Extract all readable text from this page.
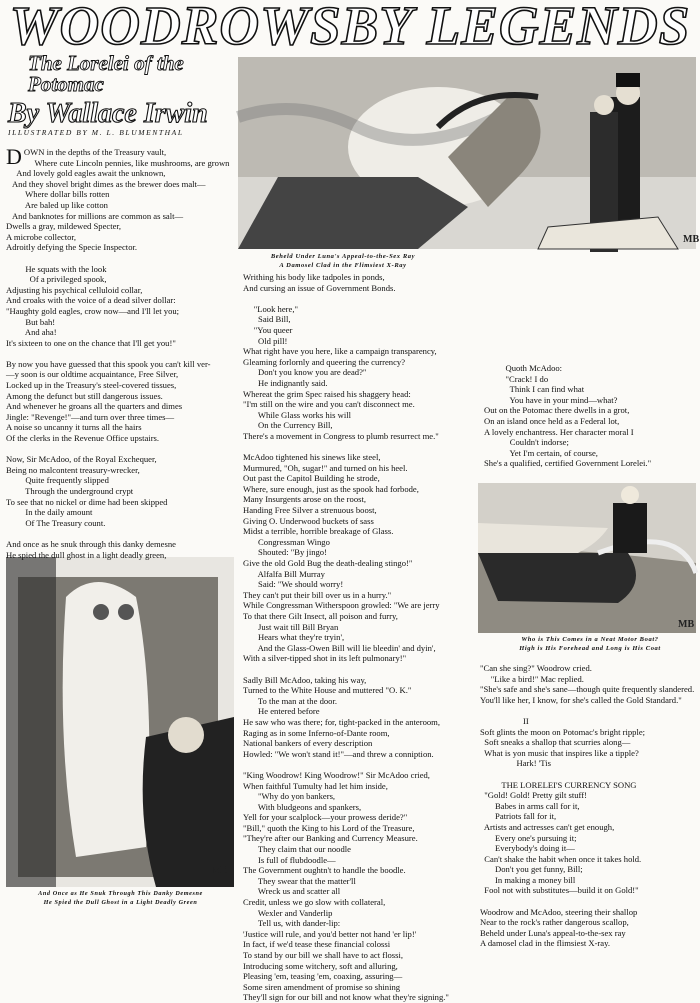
WOODROWSBY LEGENDS
The Lorelei of the Potomac
By Wallace Irwin
ILLUSTRATED BY M. L. BLUMENTHAL
MB
Beheld Under Luna's Appeal-to-the-Sex Ray
A Damosel Clad in the Flimsiest X-Ray
MB
Who is This Comes in a Neat Motor Boat?
High is His Forehead and Long is His Coat
MB
And Once as He Snuk Through This Danky Demesne
He Spied the Dull Ghost in a Light Deadly Green
DOWN in the depths of the Treasury vault,
Where cute Lincoln pennies, like mushrooms, are grown
And lovely gold eagles await the unknown,
And they shovel bright dimes as the brewer does malt—
Where dollar bills rotten
Are baled up like cotton
And banknotes for millions are common as salt—
Dwells a gray, mildewed Specter,
A microbe collector,
Adroitly defying the Specie Inspector.

He squats with the look
Of a privileged spook,
Adjusting his psychical celluloid collar,
And croaks with the voice of a dead silver dollar:
"Haughty gold eagles, crow now—and I'll let you;
But bah!
And aha!
It's sixteen to one on the chance that I'll get you!"

By now you have guessed that this spook you can't kill ver-
—y soon is our oldtime acquaintance, Free Silver,
Locked up in the Treasury's steel-covered tissues,
Among the defunct but still dangerous issues.
And whenever he groans all the quarters and dimes
Jingle: "Revenge!"—and turn over three times—
A noise so uncanny it turns all the hairs
Of the clerks in the Revenue Office upstairs.

Now, Sir McAdoo, of the Royal Exchequer,
Being no malcontent treasury-wrecker,
Quite frequently slipped
Through the underground crypt
To see that no nickel or dime had been skipped
In the daily amount
Of The Treasury count.

And once as he snuk through this danky demesne
He spied the dull ghost in a light deadly green,
Writhing his body like tadpoles in ponds,
And cursing an issue of Government Bonds.

"Look here,"
Said Bill,
"You queer
Old pill!
What right have you here, like a campaign transparency,
Gleaming forlornly and queering the currency?
Don't you know you are dead?"
He indignantly said.
Whereat the grim Spec raised his shaggery head:
"I'm still on the wire and you can't disconnect me.
While Glass works his will
On the Currency Bill,
There's a movement in Congress to plumb resurrect me."

McAdoo tightened his sinews like steel,
Murmured, "Oh, sugar!" and turned on his heel.
Out past the Capitol Building he strode,
Where, sure enough, just as the spook had forbode,
Many Insurgents arose on the roost,
Handing Free Silver a strenuous boost,
Giving O. Underwood buckets of sass
Midst a terrible, horrible breakage of Glass.
Congressman Wingo
Shouted: "By jingo!
Give the old Gold Bug the death-dealing stingo!"
Alfalfa Bill Murray
Said: "We should worry!
They can't put their bill over us in a hurry."
While Congressman Witherspoon growled: "We are jerry
To that there Gilt Insect, all poison and furry,
Just wait till Bill Bryan
Hears what they're tryin',
And the Glass-Owen Bill will lie bleedin' and dyin',
With a silver-tipped shot in its left pulmonary!"

Sadly Bill McAdoo, taking his way,
Turned to the White House and muttered "O. K."
To the man at the door.
He entered before
He saw who was there; for, tight-packed in the anteroom,
Raging as in some Inferno-of-Dante room,
National bankers of every description
Howled: "We won't stand it!"—and threw a conniption.

"King Woodrow! King Woodrow!" Sir McAdoo cried,
When faithful Tumulty had let him inside,
"Why do yon bankers,
With bludgeons and spankers,
Yell for your scalplock—your prowess deride?"
"Bill," quoth the King to his Lord of the Treasure,
"They're after our Banking and Currency Measure.
They claim that our noodle
Is full of flubdoodle—
The Government oughtn't to handle the boodle.
They swear that the matter'll
Wreck us and scatter all
Credit, unless we go slow with collateral,
Wexler and Vanderlip
Tell us, with dander-lip:
'Justice will rule, and you'd better not hand 'er lip!'
In fact, if we'd tease these financial colossi
To stand by our bill we shall have to act flossi,
Introducing some witchery, soft and alluring,
Pleasing 'em, teasing 'em, coaxing, assuring—
Some siren amendment of promise so shining
They'll sign for our bill and not know what they're signing."
Quoth McAdoo:
"Crack! I do
Think I can find what
You have in your mind—what?
Out on the Potomac there dwells in a grot,
On an island once held as a Federal lot,
A lovely enchantress. Her character moral I
Couldn't indorse;
Yet I'm certain, of course,
She's a qualified, certified Government Lorelei."
"Can she sing?" Woodrow cried.
"Like a bird!" Mac replied.
"She's safe and she's sane—though quite frequently slandered.
You'll like her, I know, for she's called the Gold Standard."

II
Soft glints the moon on Potomac's bright ripple;
Soft sneaks a shallop that scurries along—
What is yon music that inspires like a tipple?
Hark! 'Tis

THE LORELEI'S CURRENCY SONG
"Gold! Gold! Pretty gilt stuff!
Babes in arms call for it,
Patriots fall for it,
Artists and actresses can't get enough,
Every one's pursuing it;
Everybody's doing it—
Can't shake the habit when once it takes hold.
Don't you get funny, Bill;
In making a money bill
Fool not with substitutes—build it on Gold!"

Woodrow and McAdoo, steering their shallop
Near to the rock's rather dangerous scallop,
Beheld under Luna's appeal-to-the-sex ray
A damosel clad in the flimsiest X-ray.
